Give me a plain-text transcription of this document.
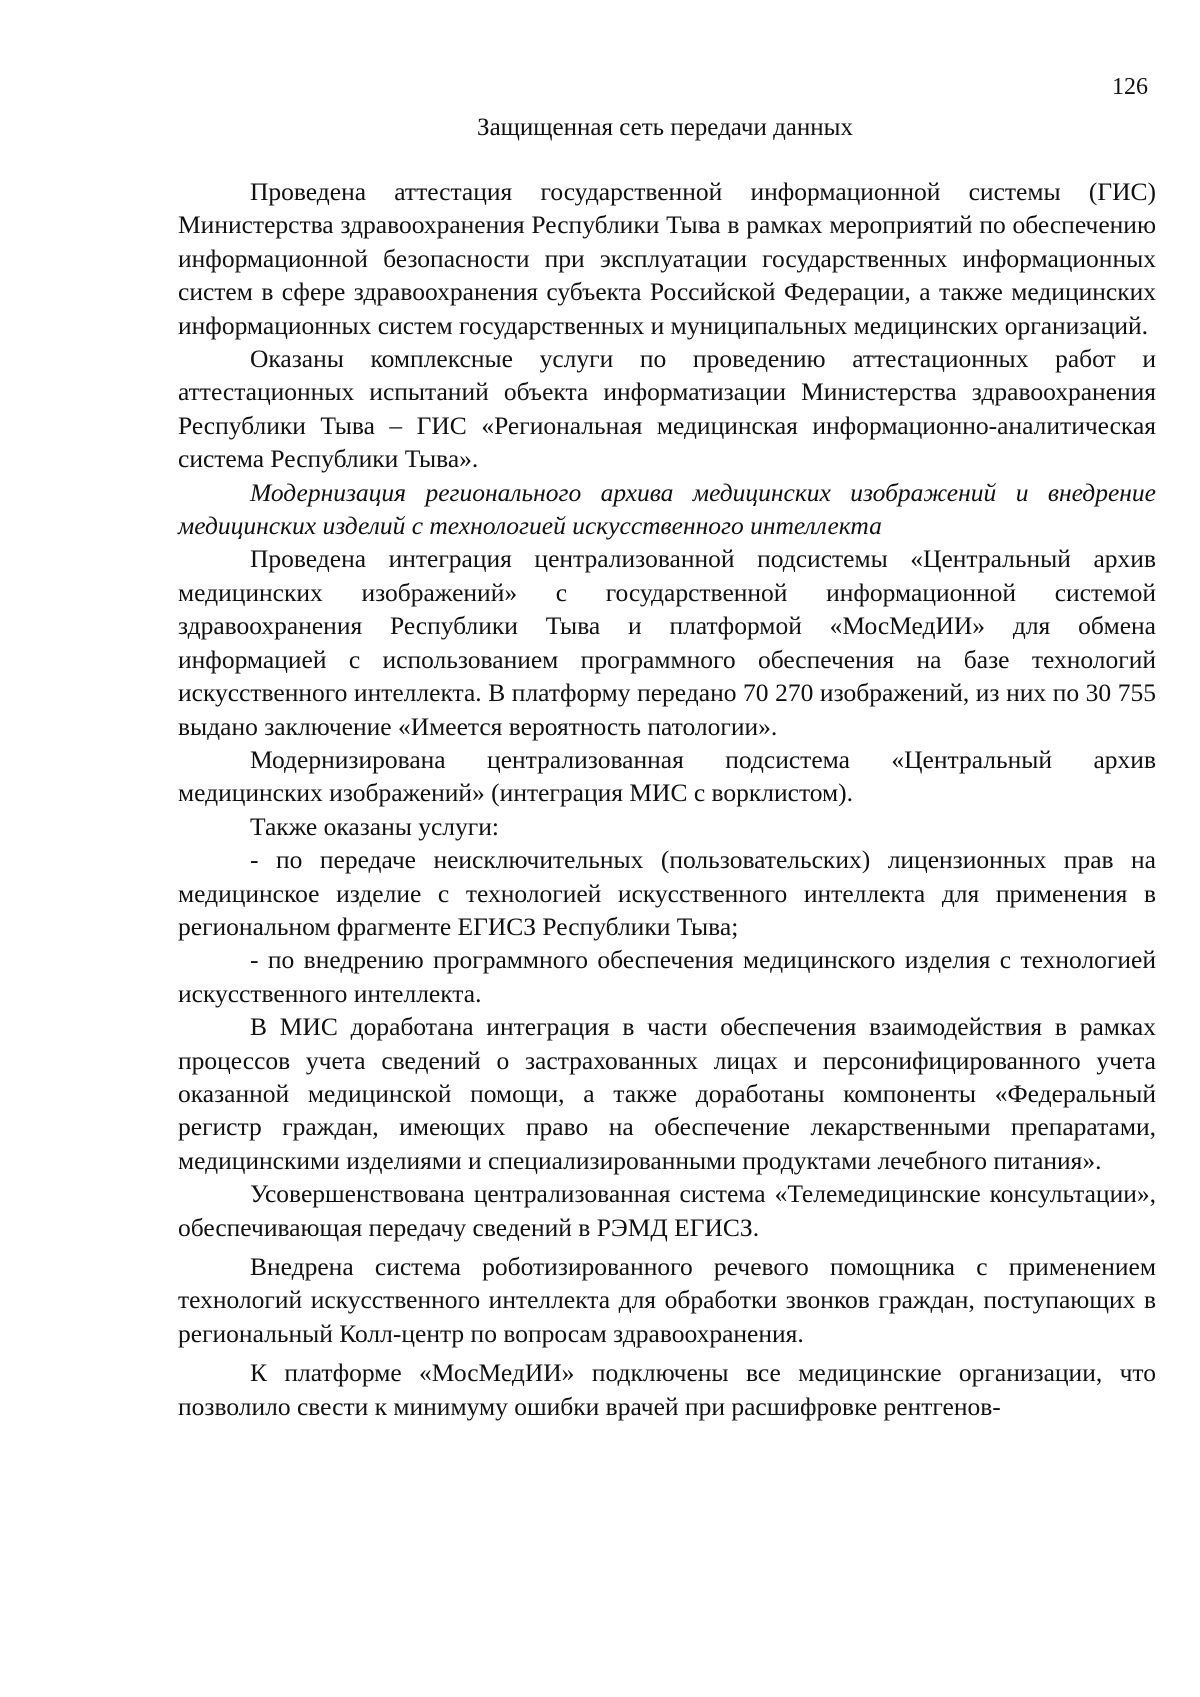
126
Защищенная сеть передачи данных

Проведена аттестация государственной информационной системы (ГИС) Министерства здравоохранения Республики Тыва в рамках мероприятий по обеспечению информационной безопасности при эксплуатации государственных информационных систем в сфере здравоохранения субъекта Российской Федерации, а также медицинских информационных систем государственных и муниципальных медицинских организаций.

Оказаны комплексные услуги по проведению аттестационных работ и аттестационных испытаний объекта информатизации Министерства здравоохранения Республики Тыва – ГИС «Региональная медицинская информационно-аналитическая система Республики Тыва».

Модернизация регионального архива медицинских изображений и внедрение медицинских изделий с технологией искусственного интеллекта

Проведена интеграция централизованной подсистемы «Центральный архив медицинских изображений» с государственной информационной системой здравоохранения Республики Тыва и платформой «МосМедИИ» для обмена информацией с использованием программного обеспечения на базе технологий искусственного интеллекта. В платформу передано 70 270 изображений, из них по 30 755 выдано заключение «Имеется вероятность патологии».

Модернизирована централизованная подсистема «Центральный архив медицинских изображений» (интеграция МИС с ворклистом).

Также оказаны услуги:

- по передаче неисключительных (пользовательских) лицензионных прав на медицинское изделие с технологией искусственного интеллекта для применения в региональном фрагменте ЕГИСЗ Республики Тыва;

- по внедрению программного обеспечения медицинского изделия с технологией искусственного интеллекта.

В МИС доработана интеграция в части обеспечения взаимодействия в рамках процессов учета сведений о застрахованных лицах и персонифицированного учета оказанной медицинской помощи, а также доработаны компоненты «Федеральный регистр граждан, имеющих право на обеспечение лекарственными препаратами, медицинскими изделиями и специализированными продуктами лечебного питания».

Усовершенствована централизованная система «Телемедицинские консультации», обеспечивающая передачу сведений в РЭМД ЕГИСЗ.

Внедрена система роботизированного речевого помощника с применением технологий искусственного интеллекта для обработки звонков граждан, поступающих в региональный Колл-центр по вопросам здравоохранения.

К платформе «МосМедИИ» подключены все медицинские организации, что позволило свести к минимуму ошибки врачей при расшифровке рентгенов-
